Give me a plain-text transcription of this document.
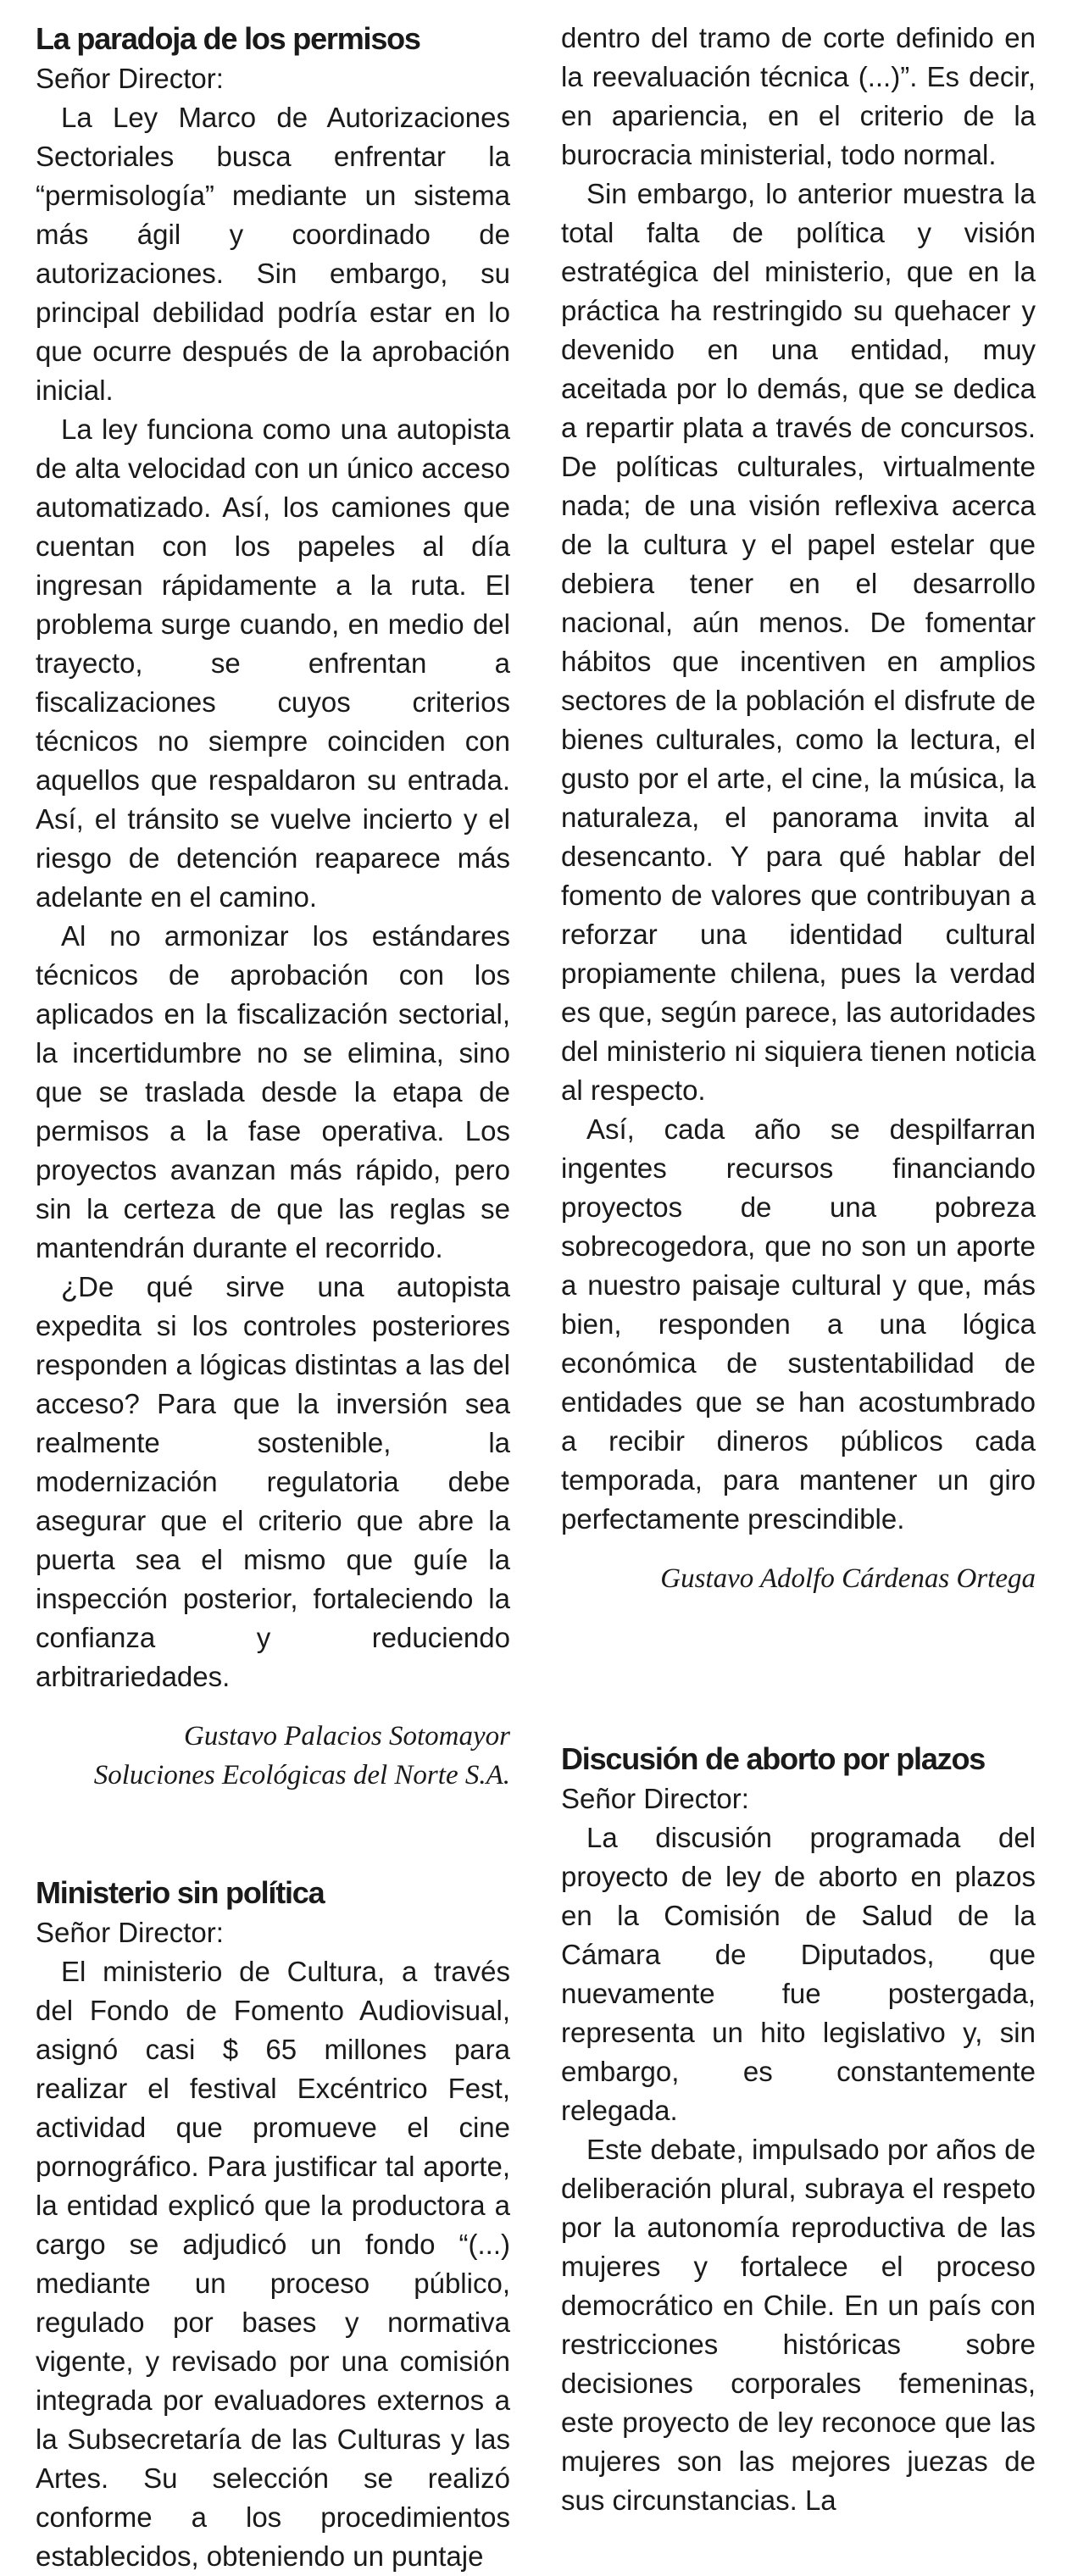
La paradoja de los permisos

Señor Director:

La Ley Marco de Autorizaciones Sectoriales busca enfrentar la “permisología” mediante un sistema más ágil y coordinado de autorizaciones. Sin embargo, su principal debilidad podría estar en lo que ocurre después de la aprobación inicial.

La ley funciona como una autopista de alta velocidad con un único acceso automatizado. Así, los camiones que cuentan con los papeles al día ingresan rápidamente a la ruta. El problema surge cuando, en medio del trayecto, se enfrentan a fiscalizaciones cuyos criterios técnicos no siempre coinciden con aquellos que respaldaron su entrada. Así, el tránsito se vuelve incierto y el riesgo de detención reaparece más adelante en el camino.

Al no armonizar los estándares técnicos de aprobación con los aplicados en la fiscalización sectorial, la incertidumbre no se elimina, sino que se traslada desde la etapa de permisos a la fase operativa. Los proyectos avanzan más rápido, pero sin la certeza de que las reglas se mantendrán durante el recorrido.

¿De qué sirve una autopista expedita si los controles posteriores responden a lógicas distintas a las del acceso? Para que la inversión sea realmente sostenible, la modernización regulatoria debe asegurar que el criterio que abre la puerta sea el mismo que guíe la inspección posterior, fortaleciendo la confianza y reduciendo arbitrariedades.

Gustavo Palacios Sotomayor

Soluciones Ecológicas del Norte S.A.

Ministerio sin política

Señor Director:

El ministerio de Cultura, a través del Fondo de Fomento Audiovisual, asignó casi $ 65 millones para realizar el festival Excéntrico Fest, actividad que promueve el cine pornográfico. Para justificar tal aporte, la entidad explicó que la productora a cargo se adjudicó un fondo “(...) mediante un proceso público, regulado por bases y normativa vigente, y revisado por una comisión integrada por evaluadores externos a la Subsecretaría de las Culturas y las Artes. Su selección se realizó conforme a los procedimientos establecidos, obteniendo un puntaje

dentro del tramo de corte definido en la reevaluación técnica (...)”. Es decir, en apariencia, en el criterio de la burocracia ministerial, todo normal.

Sin embargo, lo anterior muestra la total falta de política y visión estratégica del ministerio, que en la práctica ha restringido su quehacer y devenido en una entidad, muy aceitada por lo demás, que se dedica a repartir plata a través de concursos. De políticas culturales, virtualmente nada; de una visión reflexiva acerca de la cultura y el papel estelar que debiera tener en el desarrollo nacional, aún menos. De fomentar hábitos que incentiven en amplios sectores de la población el disfrute de bienes culturales, como la lectura, el gusto por el arte, el cine, la música, la naturaleza, el panorama invita al desencanto. Y para qué hablar del fomento de valores que contribuyan a reforzar una identidad cultural propiamente chilena, pues la verdad es que, según parece, las autoridades del ministerio ni siquiera tienen noticia al respecto.

Así, cada año se despilfarran ingentes recursos financiando proyectos de una pobreza sobrecogedora, que no son un aporte a nuestro paisaje cultural y que, más bien, responden a una lógica económica de sustentabilidad de entidades que se han acostumbrado a recibir dineros públicos cada temporada, para mantener un giro perfectamente prescindible.

Gustavo Adolfo Cárdenas Ortega

Discusión de aborto por plazos

Señor Director:

La discusión programada del proyecto de ley de aborto en plazos en la Comisión de Salud de la Cámara de Diputados, que nuevamente fue postergada, representa un hito legislativo y, sin embargo, es constantemente relegada.

Este debate, impulsado por años de deliberación plural, subraya el respeto por la autonomía reproductiva de las mujeres y fortalece el proceso democrático en Chile. En un país con restricciones históricas sobre decisiones corporales femeninas, este proyecto de ley reconoce que las mujeres son las mejores juezas de sus circunstancias. La
